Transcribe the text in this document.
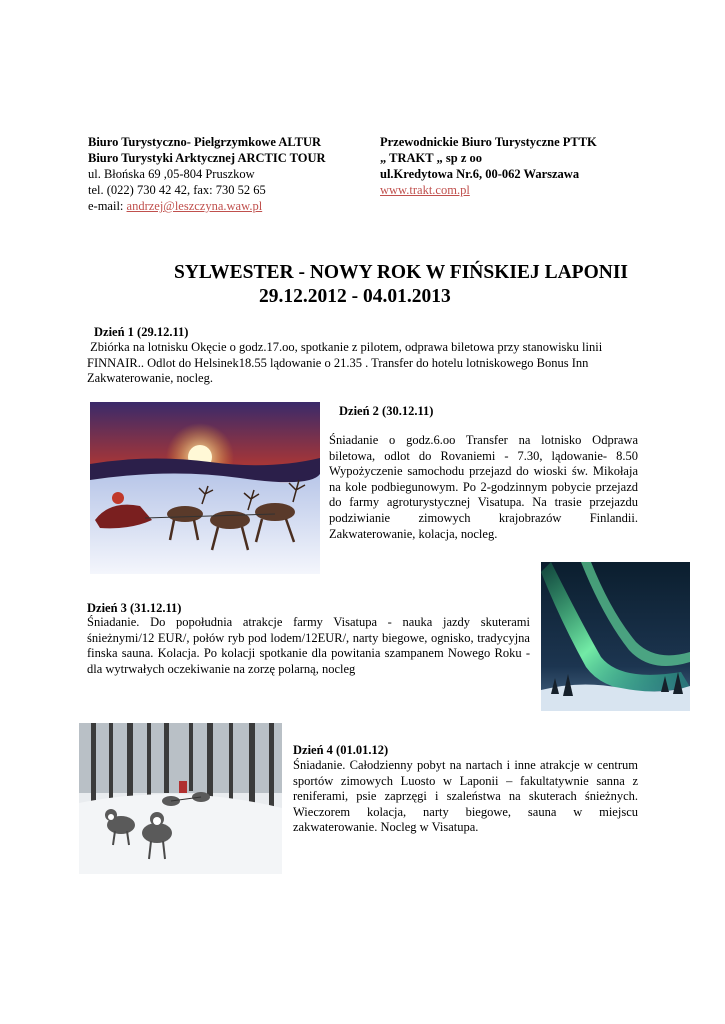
Biuro Turystyczno- Pielgrzymkowe ALTUR
Biuro Turystyki Arktycznej ARCTIC TOUR
ul. Błońska 69 ,05-804 Pruszkow
tel. (022) 730 42 42, fax: 730 52 65
e-mail: andrzej@leszczyna.waw.pl
Przewodnickie Biuro Turystyczne PTTK
„ TRAKT „ sp z oo
ul.Kredytowa Nr.6, 00-062 Warszawa
www.trakt.com.pl
SYLWESTER - NOWY ROK W FIŃSKIEJ LAPONII
29.12.2012 - 04.01.2013
Dzień 1 (29.12.11)
Zbiórka na lotnisku Okęcie o godz.17.oo, spotkanie z pilotem, odprawa biletowa przy stanowisku linii
FINNAIR.. Odlot do Helsinek18.55 lądowanie o 21.35 . Transfer do hotelu lotniskowego Bonus Inn
Zakwaterowanie, nocleg.
Dzień 2 (30.12.11)
Śniadanie o godz.6.oo Transfer na lotnisko Odprawa biletowa, odlot do Rovaniemi - 7.30, lądowanie- 8.50 Wypożyczenie samochodu przejazd do wioski św. Mikołaja na kole podbiegunowym. Po 2-godzinnym pobycie przejazd do farmy agroturystycznej Visatupa. Na trasie przejazdu podziwianie zimowych krajobrazów Finlandii. Zakwaterowanie, kolacja, nocleg.
Dzień 3 (31.12.11)
Śniadanie. Do popołudnia atrakcje farmy Visatupa - nauka jazdy skuterami śnieżnymi/12 EUR/, połów ryb pod lodem/12EUR/, narty biegowe, ognisko, tradycyjna finska sauna. Kolacja. Po kolacji spotkanie dla powitania szampanem Nowego Roku - dla wytrwałych oczekiwanie na zorzę polarną, nocleg
Dzień 4 (01.01.12)
Śniadanie. Całodzienny pobyt na nartach i inne atrakcje w centrum sportów zimowych Luosto w Laponii – fakultatywnie sanna z reniferami, psie zaprzęgi i szaleństwa na skuterach śnieżnych. Wieczorem kolacja, narty biegowe, sauna w miejscu zakwaterowanie. Nocleg w Visatupa.
